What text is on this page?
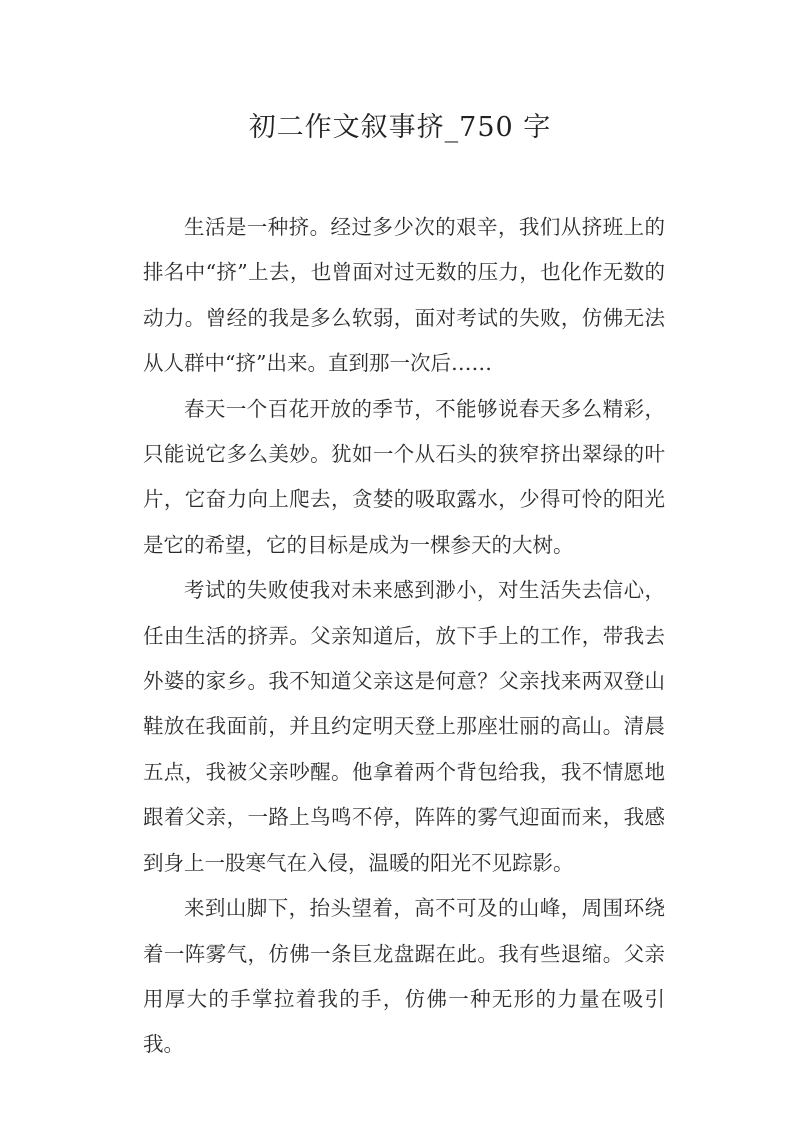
初二作文叙事挤_750 字

生活是一种挤。经过多少次的艰辛，我们从挤班上的排名中“挤”上去，也曾面对过无数的压力，也化作无数的动力。曾经的我是多么软弱，面对考试的失败，仿佛无法从人群中“挤”出来。直到那一次后……

春天一个百花开放的季节，不能够说春天多么精彩，只能说它多么美妙。犹如一个从石头的狭窄挤出翠绿的叶片，它奋力向上爬去，贪婪的吸取露水，少得可怜的阳光是它的希望，它的目标是成为一棵参天的大树。

考试的失败使我对未来感到渺小，对生活失去信心，任由生活的挤弄。父亲知道后，放下手上的工作，带我去外婆的家乡。我不知道父亲这是何意？父亲找来两双登山鞋放在我面前，并且约定明天登上那座壮丽的高山。清晨五点，我被父亲吵醒。他拿着两个背包给我，我不情愿地跟着父亲，一路上鸟鸣不停，阵阵的雾气迎面而来，我感到身上一股寒气在入侵，温暖的阳光不见踪影。

来到山脚下，抬头望着，高不可及的山峰，周围环绕着一阵雾气，仿佛一条巨龙盘踞在此。我有些退缩。父亲用厚大的手掌拉着我的手，仿佛一种无形的力量在吸引我。
